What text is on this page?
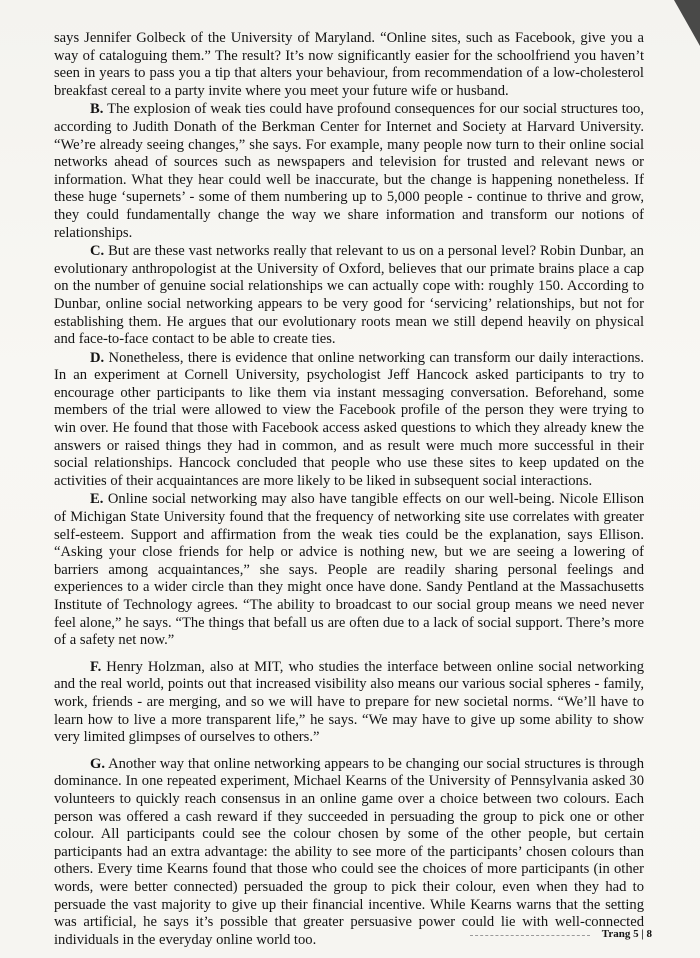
says Jennifer Golbeck of the University of Maryland. “Online sites, such as Facebook, give you a way of cataloguing them.” The result? It’s now significantly easier for the schoolfriend you haven’t seen in years to pass you a tip that alters your behaviour, from recommendation of a low-cholesterol breakfast cereal to a party invite where you meet your future wife or husband.

B. The explosion of weak ties could have profound consequences for our social structures too, according to Judith Donath of the Berkman Center for Internet and Society at Harvard University. “We’re already seeing changes,” she says. For example, many people now turn to their online social networks ahead of sources such as newspapers and television for trusted and relevant news or information. What they hear could well be inaccurate, but the change is happening nonetheless. If these huge ‘supernets’ - some of them numbering up to 5,000 people - continue to thrive and grow, they could fundamentally change the way we share information and transform our notions of relationships.

C. But are these vast networks really that relevant to us on a personal level? Robin Dunbar, an evolutionary anthropologist at the University of Oxford, believes that our primate brains place a cap on the number of genuine social relationships we can actually cope with: roughly 150. According to Dunbar, online social networking appears to be very good for ‘servicing’ relationships, but not for establishing them. He argues that our evolutionary roots mean we still depend heavily on physical and face-to-face contact to be able to create ties.

D. Nonetheless, there is evidence that online networking can transform our daily interactions. In an experiment at Cornell University, psychologist Jeff Hancock asked participants to try to encourage other participants to like them via instant messaging conversation. Beforehand, some members of the trial were allowed to view the Facebook profile of the person they were trying to win over. He found that those with Facebook access asked questions to which they already knew the answers or raised things they had in common, and as result were much more successful in their social relationships. Hancock concluded that people who use these sites to keep updated on the activities of their acquaintances are more likely to be liked in subsequent social interactions.

E. Online social networking may also have tangible effects on our well-being. Nicole Ellison of Michigan State University found that the frequency of networking site use correlates with greater self-esteem. Support and affirmation from the weak ties could be the explanation, says Ellison. “Asking your close friends for help or advice is nothing new, but we are seeing a lowering of barriers among acquaintances,” she says. People are readily sharing personal feelings and experiences to a wider circle than they might once have done. Sandy Pentland at the Massachusetts Institute of Technology agrees. “The ability to broadcast to our social group means we need never feel alone,” he says. “The things that befall us are often due to a lack of social support. There’s more of a safety net now.”

F. Henry Holzman, also at MIT, who studies the interface between online social networking and the real world, points out that increased visibility also means our various social spheres - family, work, friends - are merging, and so we will have to prepare for new societal norms. “We’ll have to learn how to live a more transparent life,” he says. “We may have to give up some ability to show very limited glimpses of ourselves to others.”

G. Another way that online networking appears to be changing our social structures is through dominance. In one repeated experiment, Michael Kearns of the University of Pennsylvania asked 30 volunteers to quickly reach consensus in an online game over a choice between two colours. Each person was offered a cash reward if they succeeded in persuading the group to pick one or other colour. All participants could see the colour chosen by some of the other people, but certain participants had an extra advantage: the ability to see more of the participants’ chosen colours than others. Every time Kearns found that those who could see the choices of more participants (in other words, were better connected) persuaded the group to pick their colour, even when they had to persuade the vast majority to give up their financial incentive. While Kearns warns that the setting was artificial, he says it’s possible that greater persuasive power could lie with well-connected individuals in the everyday online world too.	Trang 5 | 8
